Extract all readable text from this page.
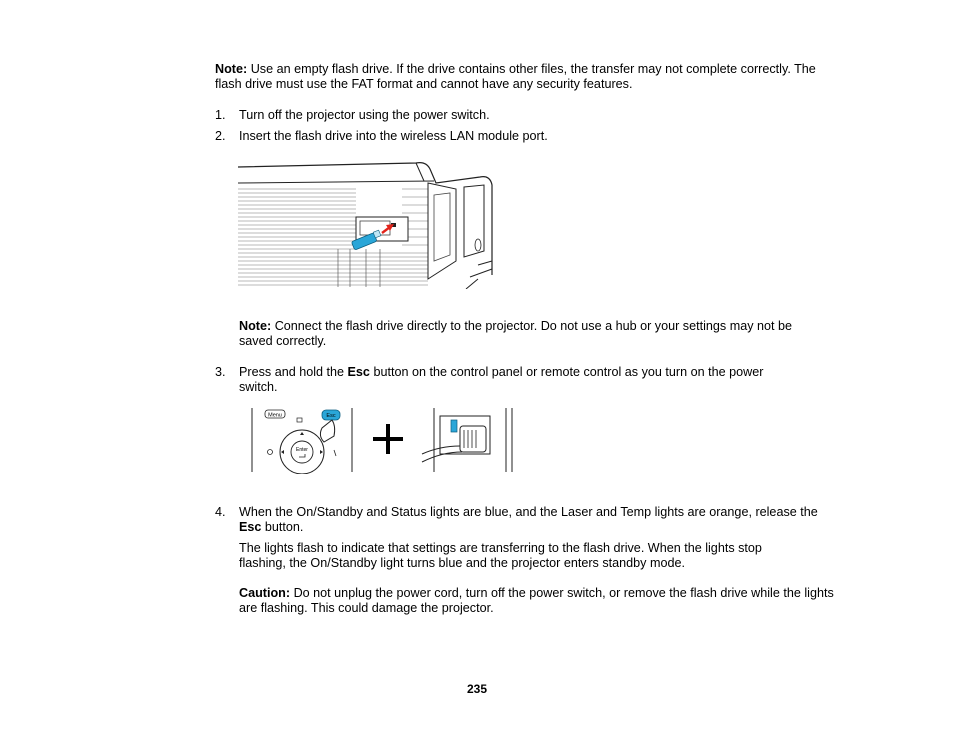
Note: Use an empty flash drive. If the drive contains other files, the transfer may not complete correctly. The flash drive must use the FAT format and cannot have any security features.

1. Turn off the projector using the power switch.

2. Insert the flash drive into the wireless LAN module port.

Note: Connect the flash drive directly to the projector. Do not use a hub or your settings may not be saved correctly.

3. Press and hold the Esc button on the control panel or remote control as you turn on the power switch.

Menu	Esc
Enter
4. When the On/Standby and Status lights are blue, and the Laser and Temp lights are orange, release the Esc button.

The lights flash to indicate that settings are transferring to the flash drive. When the lights stop flashing, the On/Standby light turns blue and the projector enters standby mode.

Caution: Do not unplug the power cord, turn off the power switch, or remove the flash drive while the lights are flashing. This could damage the projector.

235
